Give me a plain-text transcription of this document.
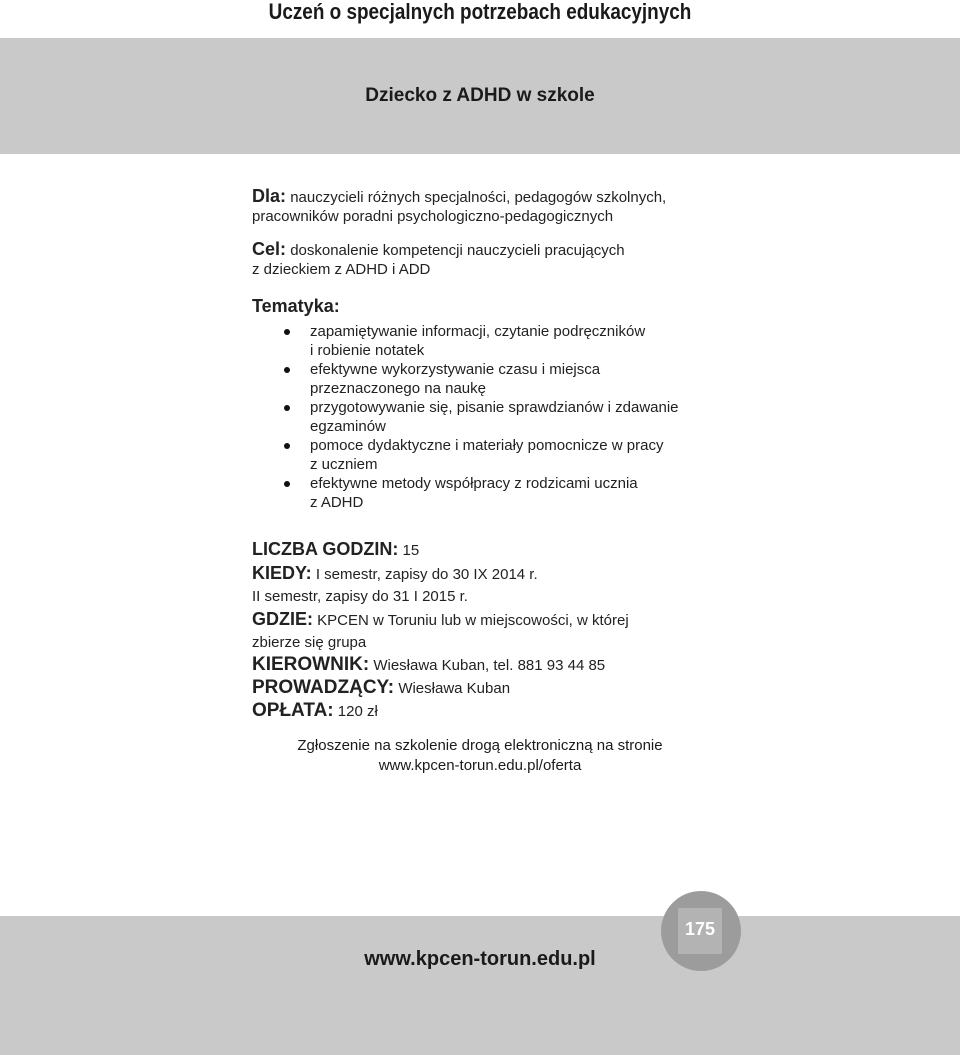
Uczeń o specjalnych potrzebach edukacyjnych
Dziecko z ADHD w szkole
Dla: nauczycieli różnych specjalności, pedagogów szkolnych,
pracowników poradni psychologiczno-pedagogicznych
Cel: doskonalenie kompetencji nauczycieli pracujących
z dzieckiem z ADHD i ADD
Tematyka:
zapamiętywanie informacji, czytanie podręczników
i robienie notatek
efektywne wykorzystywanie czasu i miejsca
przeznaczonego na naukę
przygotowywanie się, pisanie sprawdzianów i zdawanie
egzaminów
pomoce dydaktyczne i materiały pomocnicze w pracy
z uczniem
efektywne metody współpracy z rodzicami ucznia
z ADHD
LICZBA GODZIN: 15
KIEDY: I semestr, zapisy do 30 IX 2014 r.
II semestr, zapisy do 31 I 2015 r.
GDZIE: KPCEN w Toruniu lub w miejscowości, w której
zbierze się grupa
KIEROWNIK: Wiesława Kuban, tel. 881 93 44 85
PROWADZĄCY: Wiesława Kuban
OPŁATA: 120 zł
Zgłoszenie na szkolenie drogą elektroniczną na stronie
www.kpcen-torun.edu.pl/oferta
www.kpcen-torun.edu.pl
175
